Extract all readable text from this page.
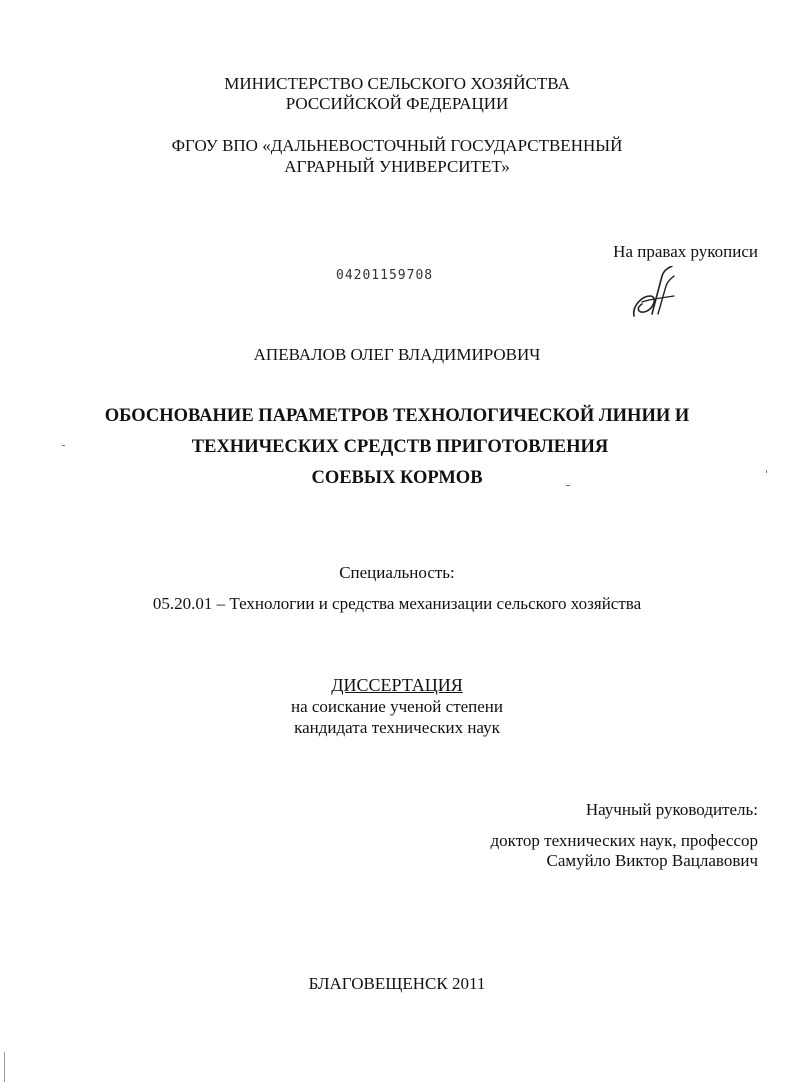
МИНИСТЕРСТВО СЕЛЬСКОГО ХОЗЯЙСТВА
РОССИЙСКОЙ ФЕДЕРАЦИИ
ФГОУ ВПО «ДАЛЬНЕВОСТОЧНЫЙ ГОСУДАРСТВЕННЫЙ
АГРАРНЫЙ УНИВЕРСИТЕТ»
На правах рукописи
04201159708
АПЕВАЛОВ ОЛЕГ ВЛАДИМИРОВИЧ
ОБОСНОВАНИЕ ПАРАМЕТРОВ ТЕХНОЛОГИЧЕСКОЙ ЛИНИИ И
ТЕХНИЧЕСКИХ СРЕДСТВ ПРИГОТОВЛЕНИЯ
СОЕВЫХ КОРМОВ
Специальность:
05.20.01 – Технологии и средства механизации сельского хозяйства
ДИССЕРТАЦИЯ
на соискание ученой степени
кандидата технических наук
Научный руководитель:
доктор технических наук, профессор
Самуйло Виктор Вацлавович
БЛАГОВЕЩЕНСК 2011
